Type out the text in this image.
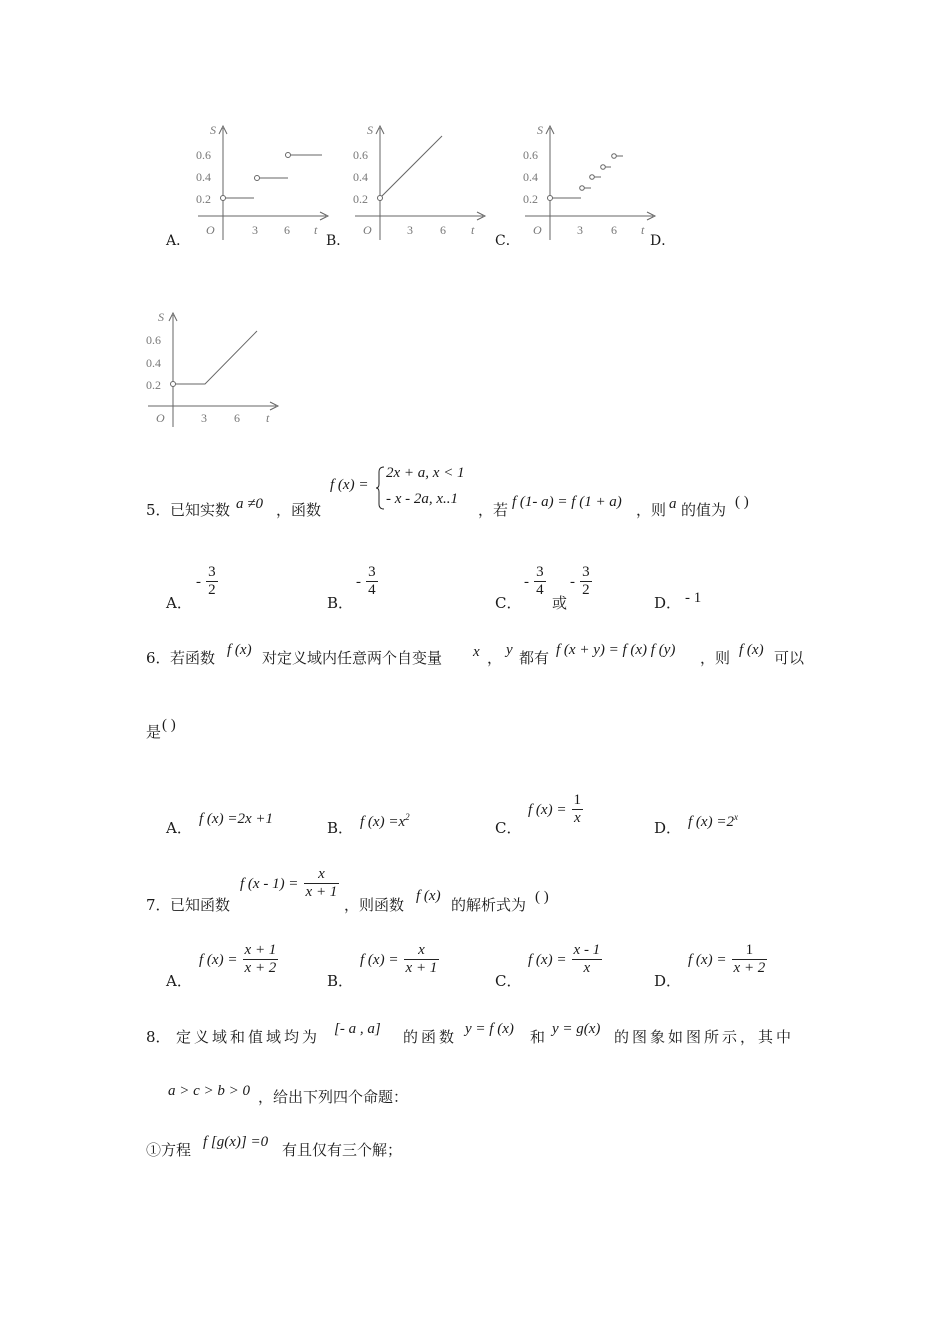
S
0.6
0.4
0.2
O	3 6 t
A．
S
0.6
0.4
0.2
O	3 6 t
B．
S
0.6
0.4
0.2
O	3 6 t
C．	D．
S
0.6
0.4
0.2
O	3 6 t
5． 已知实数 a ≠0 ，函数
f (x) =
2x + a, x < 1
- x - 2a, x..1
，若 f (1- a) = f (1 + a) ，则 a 的值为 ( )
A．
- $\frac{3}{2}$
B．
- $\frac{3}{4}$
C．
- $\frac{3}{4}$
或
- $\frac{3}{2}$
D． - 1
6． 若函数 f (x) 对定义域内任意两个自变量 x ， y 都有 f (x + y) = f (x) f (y) ，则 f (x) 可以
是 ( )
A． f (x) =2x +1	B． f $(x) =x^2$
C．
f $(x) = \frac{1}{x}$
D． f $(x) =2^x$
7． 已知函数
f $(x - 1) = \frac{x}{x + 1}$
，则函数 f (x) 的解析式为 ( )
A．
f $(x) = \frac{x + 1}{x + 2}$
B．
f $(x) = \frac{x}{x + 1}$
C．
f $(x) = \frac{x - 1}{x}$
D．
f $(x) = \frac{1}{x + 2}$
8． 定义域和值域均为 [- a , a] 的函数 y = f (x) 和 y = g(x) 的图象如图所示，其中
a > c > b > 0 ，给出下列四个命题：
①方程 f [g(x)] =0 有且仅有三个解；
